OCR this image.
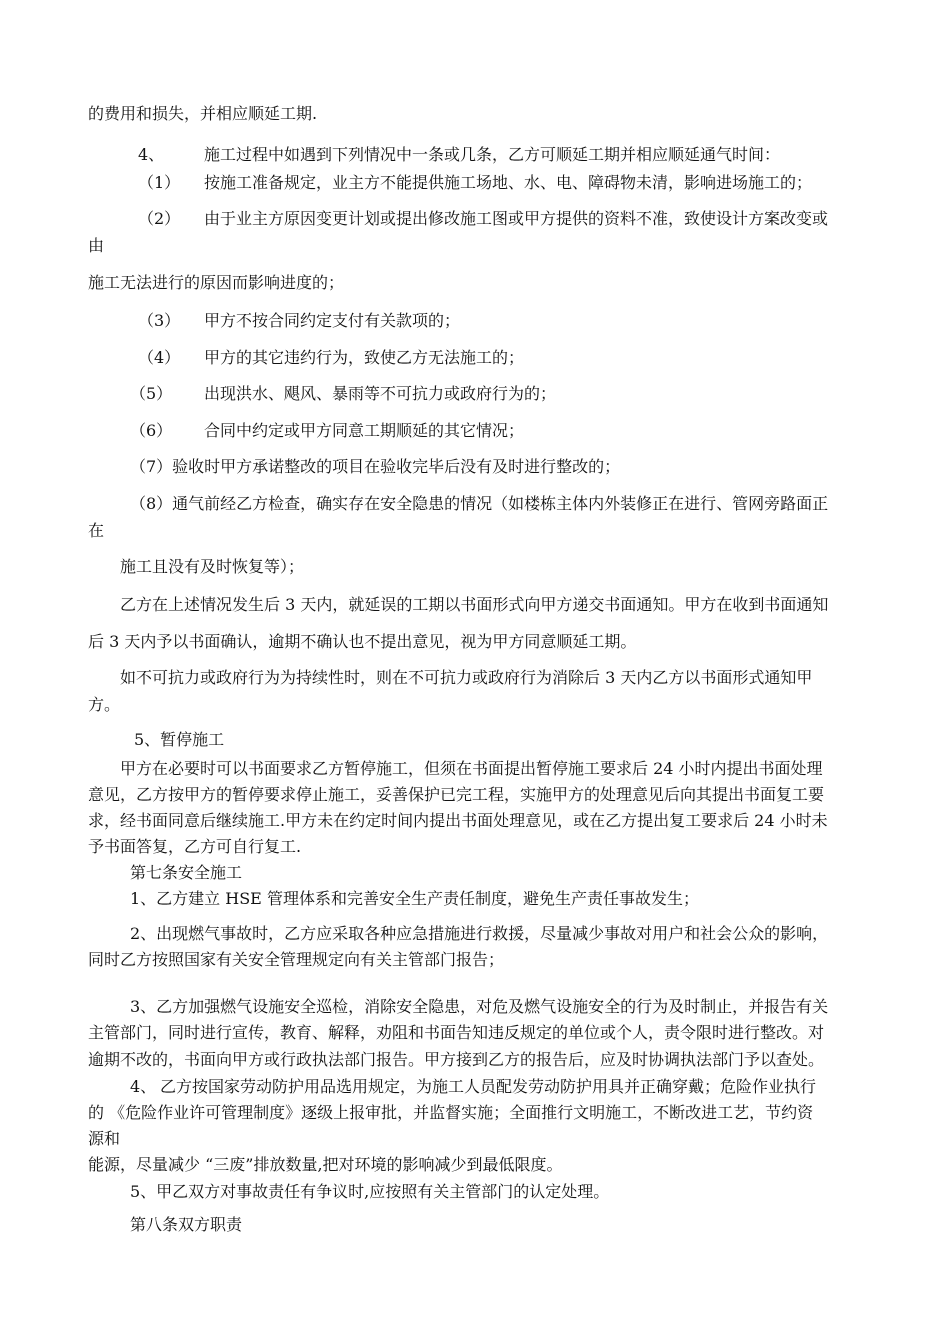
的费用和损失，并相应顺延工期.
4、 施工过程中如遇到下列情况中一条或几条，乙方可顺延工期并相应顺延通气时间：
（1） 按施工准备规定，业主方不能提供施工场地、水、电、障碍物未清，影响进场施工的；
（2） 由于业主方原因变更计划或提出修改施工图或甲方提供的资料不准，致使设计方案改变或
由
施工无法进行的原因而影响进度的；
（3） 甲方不按合同约定支付有关款项的；
（4） 甲方的其它违约行为，致使乙方无法施工的；
（5） 出现洪水、飓风、暴雨等不可抗力或政府行为的；
（6） 合同中约定或甲方同意工期顺延的其它情况；
（7）验收时甲方承诺整改的项目在验收完毕后没有及时进行整改的；
（8）通气前经乙方检查，确实存在安全隐患的情况（如楼栋主体内外装修正在进行、管网旁路面正
在
施工且没有及时恢复等）；
乙方在上述情况发生后 3 天内，就延误的工期以书面形式向甲方递交书面通知。甲方在收到书面通知
后 3 天内予以书面确认，逾期不确认也不提出意见，视为甲方同意顺延工期。
如不可抗力或政府行为为持续性时，则在不可抗力或政府行为消除后 3 天内乙方以书面形式通知甲
方。
5、暂停施工
甲方在必要时可以书面要求乙方暂停施工，但须在书面提出暂停施工要求后 24 小时内提出书面处理
意见，乙方按甲方的暂停要求停止施工，妥善保护已完工程，实施甲方的处理意见后向其提出书面复工要
求，经书面同意后继续施工.甲方未在约定时间内提出书面处理意见，或在乙方提出复工要求后 24 小时未
予书面答复，乙方可自行复工.
第七条安全施工
1、乙方建立 HSE 管理体系和完善安全生产责任制度，避免生产责任事故发生；
2、出现燃气事故时，乙方应采取各种应急措施进行救援，尽量减少事故对用户和社会公众的影响，
同时乙方按照国家有关安全管理规定向有关主管部门报告；
3、乙方加强燃气设施安全巡检，消除安全隐患，对危及燃气设施安全的行为及时制止，并报告有关
主管部门，同时进行宣传，教育、解释，劝阻和书面告知违反规定的单位或个人，责令限时进行整改。对
逾期不改的，书面向甲方或行政执法部门报告。甲方接到乙方的报告后，应及时协调执法部门予以查处。
4、 乙方按国家劳动防护用品选用规定，为施工人员配发劳动防护用具并正确穿戴；危险作业执行
的 《危险作业许可管理制度》逐级上报审批，并监督实施；全面推行文明施工，不断改进工艺，节约资
源和
能源，尽量减少 “三废”排放数量,把对环境的影响减少到最低限度。
5、甲乙双方对事故责任有争议时,应按照有关主管部门的认定处理。
第八条双方职责
